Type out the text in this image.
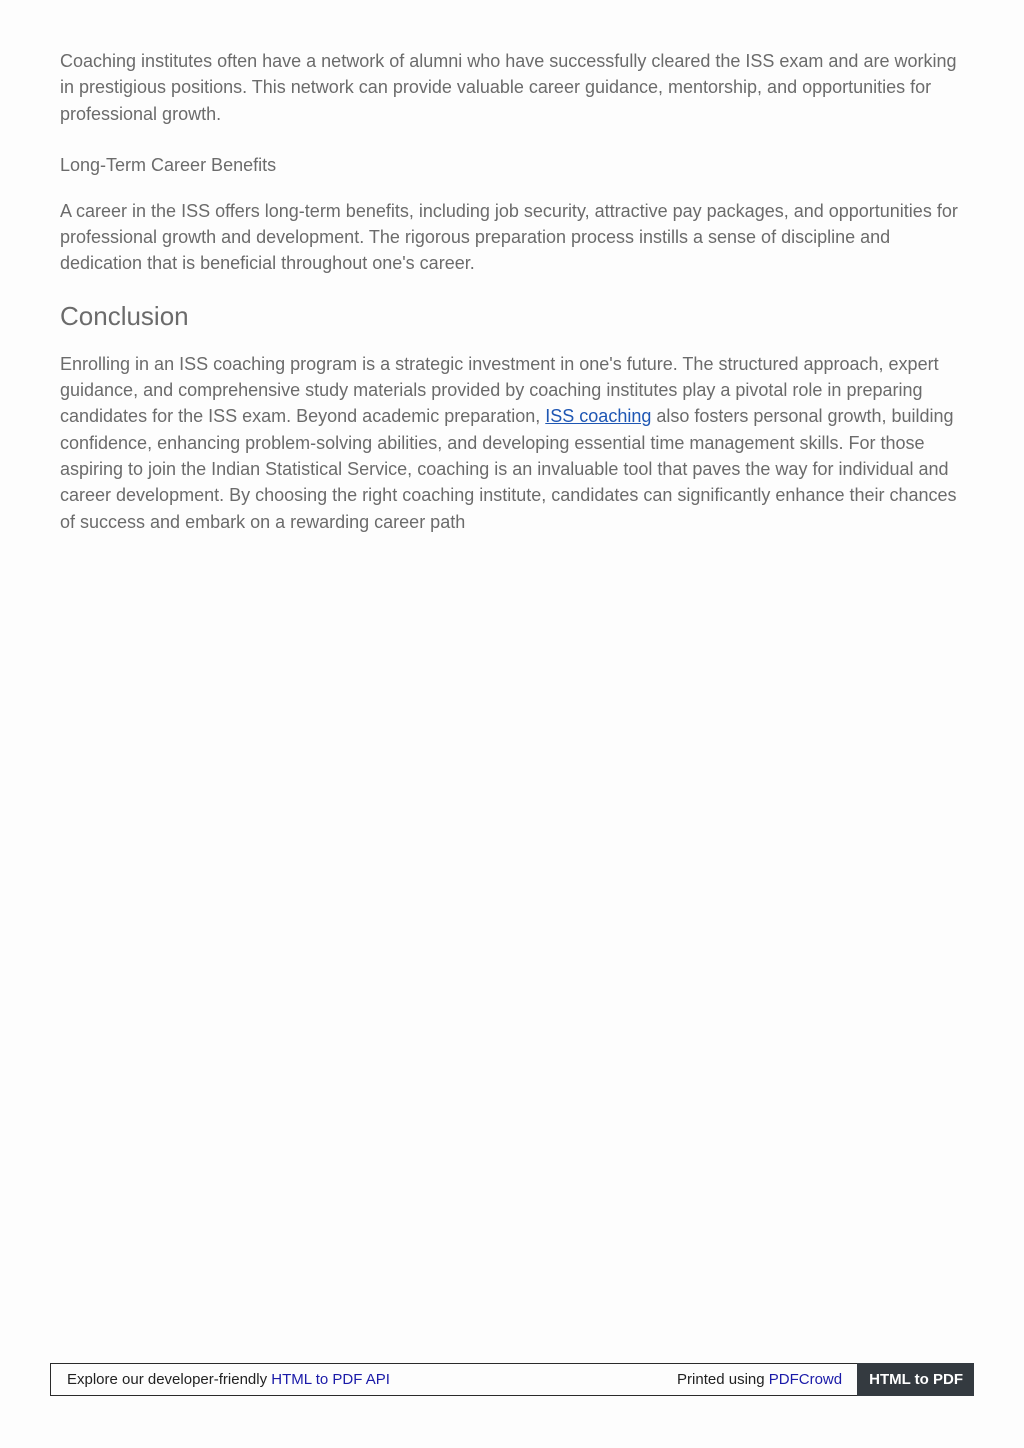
Coaching institutes often have a network of alumni who have successfully cleared the ISS exam and are working in prestigious positions. This network can provide valuable career guidance, mentorship, and opportunities for professional growth.

Long-Term Career Benefits

A career in the ISS offers long-term benefits, including job security, attractive pay packages, and opportunities for professional growth and development. The rigorous preparation process instills a sense of discipline and dedication that is beneficial throughout one's career.

Conclusion

Enrolling in an ISS coaching program is a strategic investment in one's future. The structured approach, expert guidance, and comprehensive study materials provided by coaching institutes play a pivotal role in preparing candidates for the ISS exam. Beyond academic preparation, ISS coaching also fosters personal growth, building confidence, enhancing problem-solving abilities, and developing essential time management skills. For those aspiring to join the Indian Statistical Service, coaching is an invaluable tool that paves the way for individual and career development. By choosing the right coaching institute, candidates can significantly enhance their chances of success and embark on a rewarding career path

Explore our developer-friendly HTML to PDF API	Printed using PDFCrowd	HTML to PDF
